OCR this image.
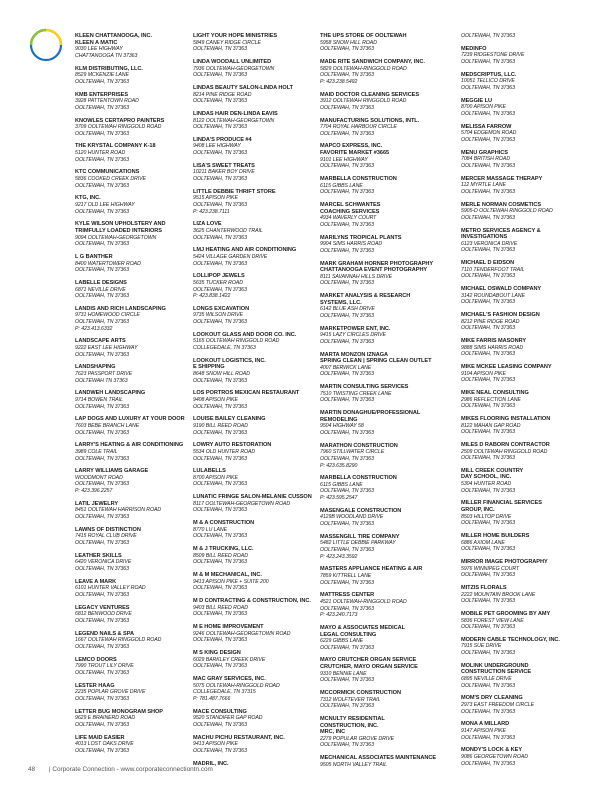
KLEEN CHATTANOOGA, INC.
KLEEN A MATIC
9030 LEE HIGHWAY
CHATTANOOGA TN 37363
KLM DISTRIBUTING, LLC.
8529 MCKENZIE LANE
OOLTEWAH, TN 37363
KMB ENTERPRISES
3928 PATTENTOWN ROAD
OOLTEWAH, TN 37363
KNOWLES CERTAPRO PAINTERS
3709 OOLTEWAH RINGGOLD ROAD
OOLTEWAH, TN 37363
THE KRYSTAL COMPANY K-18
5120 HUNTER ROAD
OOLTEWAH, TN 37363
KTC COMMUNICATIONS
5836 COOKED CREEK DRIVE
OOLTEWAH, TN 37363
KTG, INC.
9217 OLD LEE HIGHWAY
OOLTEWAH, TN 37363
KYLE WILSON UPHOLSTERY AND
TRIMFULLY LOADED INTERIORS
9094 OOLTEWAH-GEORGETOWN
OOLTEWAH, TN 37363
L G BANTHER
8400 WATERTOWER ROAD
OOLTEWAH, TN 37363
LABELLE DESIGNS
6871 NEVILLE DRIVE
OOLTEWAH, TN 37363
LANDIS AND RICH LANDSCAPING
9731 HOMEWOOD CIRCLE
OOLTEWAH, TN 37363
P: 423.413.6332
LANDSCAPE ARTS
9222 EAST LEE HIGHWAY
OOLTEWAH, TN 37363
LANDSHAPING
7623 PASSPORT DRIVE
OOLTEWAH TN 37363
LANDWEH LANDSCAPING
9714 BOWEN TRAIL
OOLTEWAH, TN 37363
LAP DOGS AND LUXURY AT YOUR DOOR
7603 BEBE BRANCH LANE
OOLTEWAH, TN 37363
LARRY'S HEATING & AIR CONDITIONING
3989 COLE TRAIL
OOLTEWAH, TN 37363
LARRY WILLIAMS GARAGE
WOODMONT ROAD
OOLTEWAH, TN 37363
P: 423.396.2257
LATIL JEWELRY
8451 OOLTEWAH HARRISON ROAD
OOLTEWAH, TN 37363
LAWNS OF DISTINCTION
7415 ROYAL CLUB DRIVE
OOLTEWAH, TN 37363
LEATHER SKILLS
6420 VERONICA DRIVE
OOLTEWAH, TN 37363
LEAVE A MARK
6101 HUNTER VALLEY ROAD
OOLTEWAH, TN 37363
LEGACY VENTURES
6812 BENWOOD DRIVE
OOLTEWAH, TN 37363
LEGEND NAILS & SPA
1667 OOLTEWAH RINGGOLD ROAD
OOLTEWAH, TN 37363
LEMCO DOORS
7990 TROUT LILY DRIVE
OOLTEWAH, TN 37363
LESTER HAAG
2235 POPLAR GROVE DRIVE
OOLTEWAH, TN 37363
LETTER BUG MONOGRAM SHOP
9629 E BRAINERD ROAD
OOLTEWAH, TN 37363
LIFE MAID EASIER
4013 LOST OAKS DRIVE
OOLTEWAH, TN 37363
LIGHT YOUR HOPE MINISTRIES
5849 CANEY RIDGE CIRCLE
OOLTEWAH, TN 37363
LINDA WOODALL UNLIMITED
7936 OOLTEWAH-GEORGETOWN
OOLTEWAH, TN 37363
LINDAS BEAUTY SALON-LINDA HOLT
8214 PINE RIDGE ROAD
OOLTEWAH, TN 37363
LINDAS HAIR DEN-LINDA EAVIS
8122 OOLTEWAH-GEORGETOWN
OOLTEWAH, TN 37363
LINDA'S PRODUCE #4
9408 LEE HIGHWAY
OOLTEWAH, TN 37363
LISA'S SWEET TREATS
10211 BAKER BOY DRIVE
OOLTEWAH, TN 37363
LITTLE DEBBIE THRIFT STORE
9515 APISON PIKE
OOLTEWAH, TN 37363
P: 423.238.7111
LIZA LOVE
3625 CHANTERWOOD TRAIL
OOLTEWAH, TN 37363
LMJ HEATING AND AIR CONDITIONING
5424 VILLAGE GARDEN DRIVE
OOLTEWAH, TN 37363
LOLLIPOP JEWELS
5635 TUCKER ROAD
OOLTEWAH, TN 37363
P: 423.838.1422
LONGS EXCAVATION
9735 WILSON DRIVE
OOLTEWAH, TN 37363
LOOKOUT GLASS AND DOOR CO. INC.
5165 OOLTEWAH RINGGOLD ROAD
COLLEGEDALE, TN 37363
LOOKOUT LOGISTICS, INC.
E SHIPPING
8648 SNOW HILL ROAD
OOLTEWAH, TN 37363
LOS PORTROS MEXICAN RESTAURANT
9408 APISON PIKE
OOLTEWAH, TN 37363
LOUISE BAILEY CLEANING
9190 BILL REED ROAD
OOLTEWAH, TN 37363
LOWRY AUTO RESTORATION
5534 OLD HUNTER ROAD
OOLTEWAH, TN 37363
LULABELLS
8700 APISON PIKE
OOLTEWAH, TN 37363
LUNATIC FRINGE SALON-MELANIE CUSSON
8117 OOLTEWAH-GEORGETOWN ROAD
OOLTEWAH, TN 37363
M & A CONSTRUCTION
8770 LU LANE
OOLTEWAH, TN 37363
M & J TRUCKING, LLC.
8509 BILL REED ROAD
OOLTEWAH, TN 37363
M & M MECHANICAL, INC.
9413 APISON PIKE + SUITE 200
OOLTEWAH, TN 37363
M D CONTRACTING & CONSTRUCTION, INC.
9403 BILL REED ROAD
OOLTEWAH, TN 37363
M E HOME IMPROVEMENT
9246 OOLTEWAH-GEORGETOWN ROAD
OOLTEWAH, TN 37363
M S KING DESIGN
6029 BARKLEY CREEK DRIVE
OOLTEWAH, TN 37363
MAC GRAY SERVICES, INC.
5075 OOLTEWAH-RINGGOLD ROAD
COLLEGEDALE, TN 37315
P: 781.487.7666
MACE CONSULTING
9520 STANDIFER GAP ROAD
OOLTEWAH, TN 37363
MACHU PICHU RESTAURANT, INC.
9413 APISON PIKE
OOLTEWAH, TN 37363
MADRIL, INC.
THE UPS STORE OF OOLTEWAH
5958 SNOW HILL ROAD
OOLTEWAH, TN 37363
MADE RITE SANDWICH COMPANY, INC.
5829 OOLTEWAH-RINGGOLD ROAD
OOLTEWAH, TN 37363
P: 423.238.5492
MAID DOCTOR CLEANING SERVICES
3912 OOLTEWAH RINGGOLD ROAD
OOLTEWAH, TN 37363
MANUFACTURING SOLUTIONS, INTL.
7704 ROYAL HARBOUR CIRCLE
OOLTEWAH, TN 37363
MAPCO EXPRESS, INC.
FAVORITE MARKET #3665
9101 LEE HIGHWAY
OOLTEWAH, TN 37363
MARBELLA CONSTRUCTION
6115 GIBBS LANE
OOLTEWAH, TN 37363
MARCEL SCHWANTES
COACHING SERVICES
4934 WAVERLY COURT
OOLTEWAH, TN 37363
MARILYNS TROPICAL PLANTS
9904 SIMS HARRIS ROAD
OOLTEWAH, TN 37363
MARK GRAHAM HORNER PHOTOGRAPHY
CHATTANOOGA EVENT PHOTOGRAPHY
8111 SAVANNAH HILLS DRIVE
OOLTEWAH, TN 37363
MARKET ANALYSIS & RESEARCH
SYSTEMS, LLC.
6142 BLUE ASH DRIVE
OOLTEWAH, TN 37363
MARKETPOWER ENT, INC.
9415 LAZY CIRCLES DRIVE
OOLTEWAH, TN 37363
MARTA MONZON IZNAGA
SPRING CLEAN | SPRING CLEAN OUTLET
4007 BERWICK LANE
OOLTEWAH, TN 37363
MARTIN CONSULTING SERVICES
7510 TWISTING CREEK LANE
OOLTEWAH, TN 37363
MARTIN DONAGHUE/PROFESSIONAL
REMODELING
9504 HIGHWAY 58
OOLTEWAH, TN 37363
MARATHON CONSTRUCTION
7960 STILLWATER CIRCLE
OOLTEWAH, TN 37363
P: 423.635.8290
MARBELLA CONSTRUCTION
6115 GIBBS LANE
OOLTEWAH, TN 37363
P: 423.595.2547
MASENGALE CONSTRUCTION
4129B WOODLAND DRIVE
OOLTEWAH, TN 37363
MASSENGILL TIRE COMPANY
5482 LITTLE DEBBIE PARKWAY
OOLTEWAH, TN 37363
P: 423.243.3592
MASTERS APPLIANCE HEATING & AIR
7859 KITTRELL LANE
OOLTEWAH, TN 37363
MATTRESS CENTER
4521 OOLTEWAH-RINGGOLD ROAD
OOLTEWAH, TN 37363
P: 423.240.7173
MAYO & ASSOCIATES MEDICAL
LEGAL CONSULTING
6229 GIBBS LANE
OOLTEWAH, TN 37363
MAYO CRUTCHER ORGAN SERVICE
CRUTCHER, MAYO ORGAN SERVICE
9310 BENNIE LANE
OOLTEWAH, TN 37363
MCCORMICK CONSTRUCTION
7312 WOLFTEVER TRAIL
OOLTEWAH, TN 37363
MCNULTY RESIDENTIAL
CONSTRUCTION, INC.
MRC, INC
2279 POPULAR GROVE DRIVE
OOLTEWAH, TN 37363
MECHANICAL ASSOCIATES MAINTENANCE
9505 NORTH VALLEY TRAIL
OOLTEWAH, TN 37363
MEDINFO
7239 RIDGESTONE DRIVE
OOLTEWAH, TN 37363
MEDSCRIPTUS, LLC.
10051 TELLICO DRIVE
OOLTEWAH, TN 37363
MEGGIE LU
8700 APISON PIKE
OOLTEWAH, TN 37363
MELISSA FARROW
5704 EDGEMON ROAD
OOLTEWAH, TN 37363
MENU GRAPHICS
7084 BRITISH ROAD
OOLTEWAH, TN 37363
MERCER MASSAGE THERAPY
112 MYRTLE LANE
OOLTEWAH, TN 37363
MERLE NORMAN COSMETICS
5905-D OOLTEWAH RINGGOLD ROAD
OOLTEWAH, TN 37363
METRO SERVICES AGENCY &
INVESTIGATIONS
6123 VERONICA DRIVE
OOLTEWAH, TN 37363
MICHAEL D EIDSON
7110 TENDERFOOT TRAIL
OOLTEWAH, TN 37363
MICHAEL OSWALD COMPANY
3142 ROUNDABOUT LANE
OOLTEWAH, TN 37363
MICHAEL'S FASHION DESIGN
8212 PINE RIDGE ROAD
OOLTEWAH, TN 37363
MIKE FARRIS MASONRY
9888 SIMS HARRIS ROAD
OOLTEWAH, TN 37363
MIKE MCKEE LEASING COMPANY
9104 APISON PIKE
OOLTEWAH, TN 37363
MIKE NEAL CONSULTING
2986 REFLECTION LANE
OOLTEWAH, TN 37363
MIKES FLOORING INSTALLATION
8122 MAHAN GAP ROAD
OOLTEWAH, TN 37363
MILES D RABORN CONTRACTOR
2509 OOLTEWAH RINGGOLD ROAD
OOLTEWAH, TN 37363
MILL CREEK COUNTRY
DAY SCHOOL, INC.
5304 HUNTER ROAD
OOLTEWAH, TN 37363
MILLER FINANCIAL SERVICES
GROUP, INC.
8503 HILLTOP DRIVE
OOLTEWAH, TN 37363
MILLER HOME BUILDERS
6886 AXIOM LANE
OOLTEWAH, TN 37363
MIRROR IMAGE PHOTOGRAPHY
5976 WINNIPEG COURT
OOLTEWAH, TN 37363
MITZIS FLORALS
2222 MOUNTAIN BROOK LANE
OOLTEWAH, TN 37363
MOBILE PET GROOMING BY AMY
5836 FOREST VIEW LANE
OOLTEWAH, TN 37363
MODERN CABLE TECHNOLOGY, INC.
7915 SUE DRIVE
OOLTEWAH, TN 37363
MOLINK UNDERGROUND
CONSTRUCTION SERVICE
6895 NEVILLE DRIVE
OOLTEWAH, TN 37363
MOM'S DRY CLEANING
2973 EAST FREEDOM CIRCLE
OOLTEWAH, TN 37363
MONA A MILLARD
9147 APISON PIKE
OOLTEWAH, TN 37363
MONDY'S LOCK & KEY
9086 GEORGETOWN ROAD
OOLTEWAH, TN 37363
48 | Corporate Connection - www.corporateconnectiontn.com
